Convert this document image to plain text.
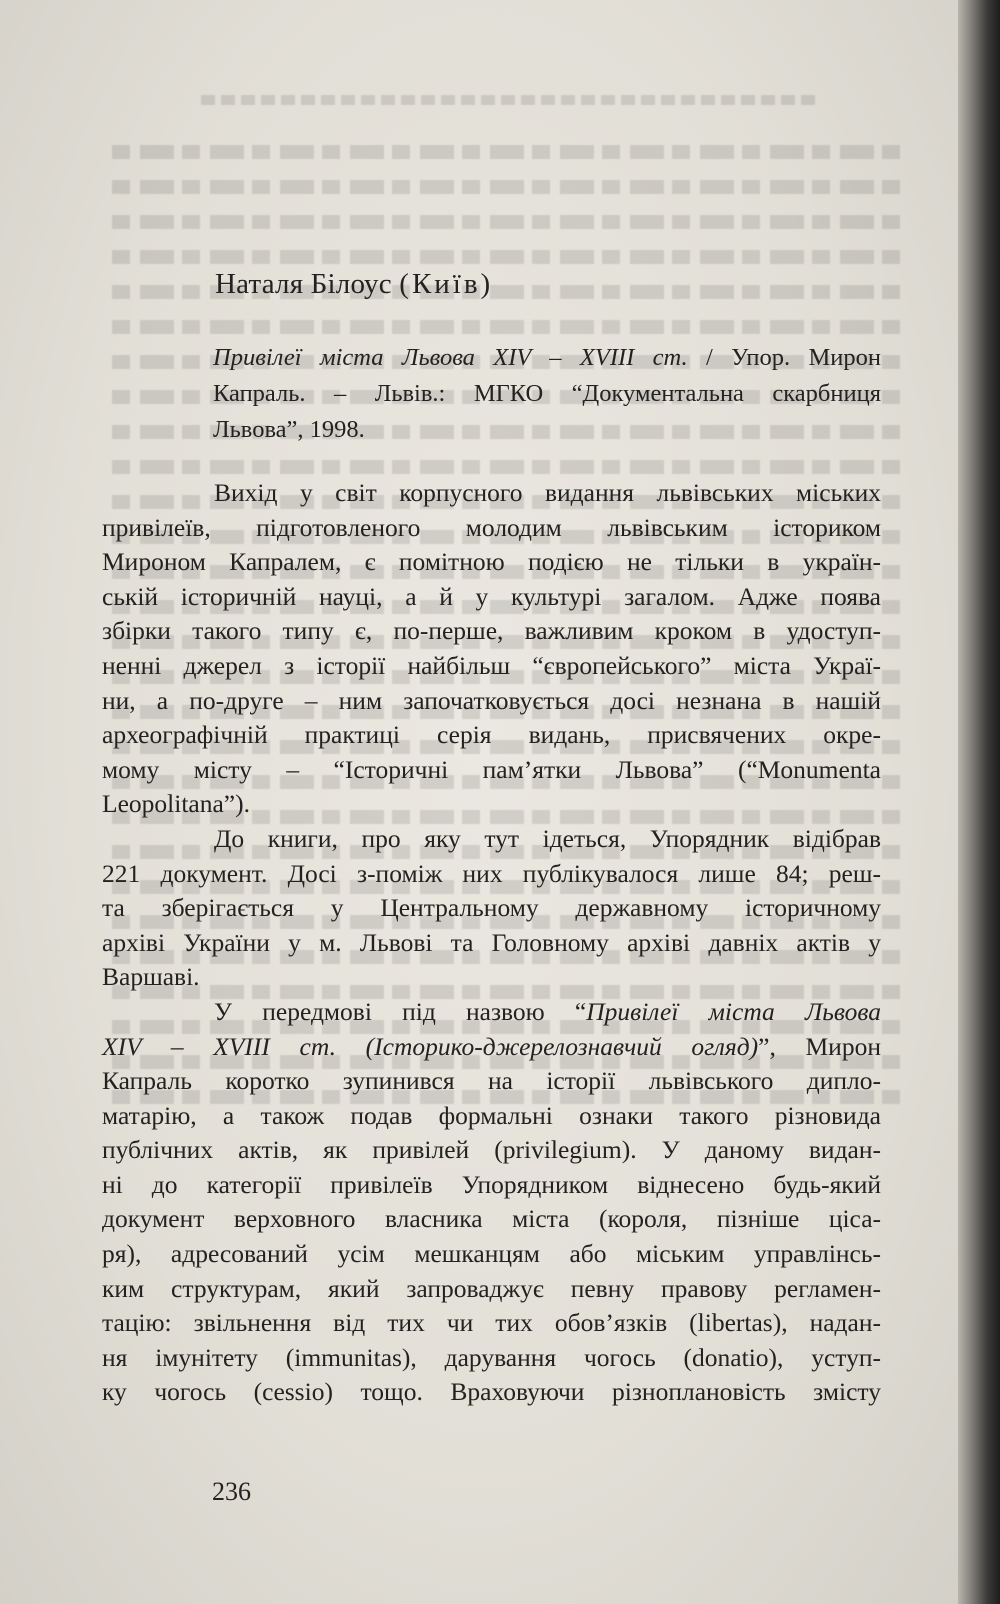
Наталя Білоус (Київ)

Привілеї міста Львова XIV – XVIII ст. / Упор. Мирон
Капраль. – Львів.: МГКО “Документальна скарбниця
Львова”, 1998.

Вихід у світ корпусного видання львівських міських
привілеїв, підготовленого молодим львівським істориком
Мироном Капралем, є помітною подією не тільки в україн-
ській історичній науці, а й у культурі загалом. Адже поява
збірки такого типу є, по-перше, важливим кроком в удоступ-
ненні джерел з історії найбільш “європейського” міста Украї-
ни, а по-друге – ним започатковується досі незнана в нашій
археографічній практиці серія видань, присвячених окре-
мому місту – “Історичні пам’ятки Львова” (“Monumenta
Leopolitana”).

До книги, про яку тут ідеться, Упорядник відібрав
221 документ. Досі з-поміж них публікувалося лише 84; реш-
та зберігається у Центральному державному історичному
архіві України у м. Львові та Головному архіві давніх актів у
Варшаві.

У передмові під назвою “Привілеї міста Львова
XIV – XVIII ст. (Історико-джерелознавчий огляд)”, Мирон
Капраль коротко зупинився на історії львівського дипло-
матарію, а також подав формальні ознаки такого різновида
публічних актів, як привілей (privilegium). У даному видан-
ні до категорії привілеїв Упорядником віднесено будь-який
документ верховного власника міста (короля, пізніше ціса-
ря), адресований усім мешканцям або міським управлінсь-
ким структурам, який запроваджує певну правову регламен-
тацію: звільнення від тих чи тих обов’язків (libertas), надан-
ня імунітету (immunitas), дарування чогось (donatio), уступ-
ку чогось (cessio) тощо. Враховуючи різноплановість змісту

236
